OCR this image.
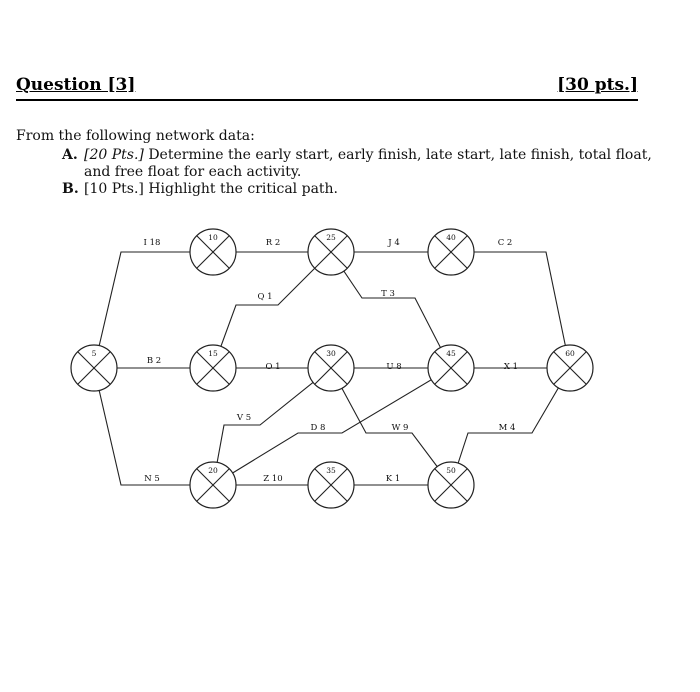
Question [3]	[30 pts.]
From the following network data:
A. [20 Pts.] Determine the early start, early finish, late start, late finish, total float, and free float for each activity.
B. [10 Pts.] Highlight the critical path.
5
10
15
20
25
30
35
40
45
50
60
I 18
B 2
N 5
R 2
Q 1
O 1
V 5
Z 10
D 8
J 4
T 3
U 8
W 9
K 1
C 2
X 1
M 4
